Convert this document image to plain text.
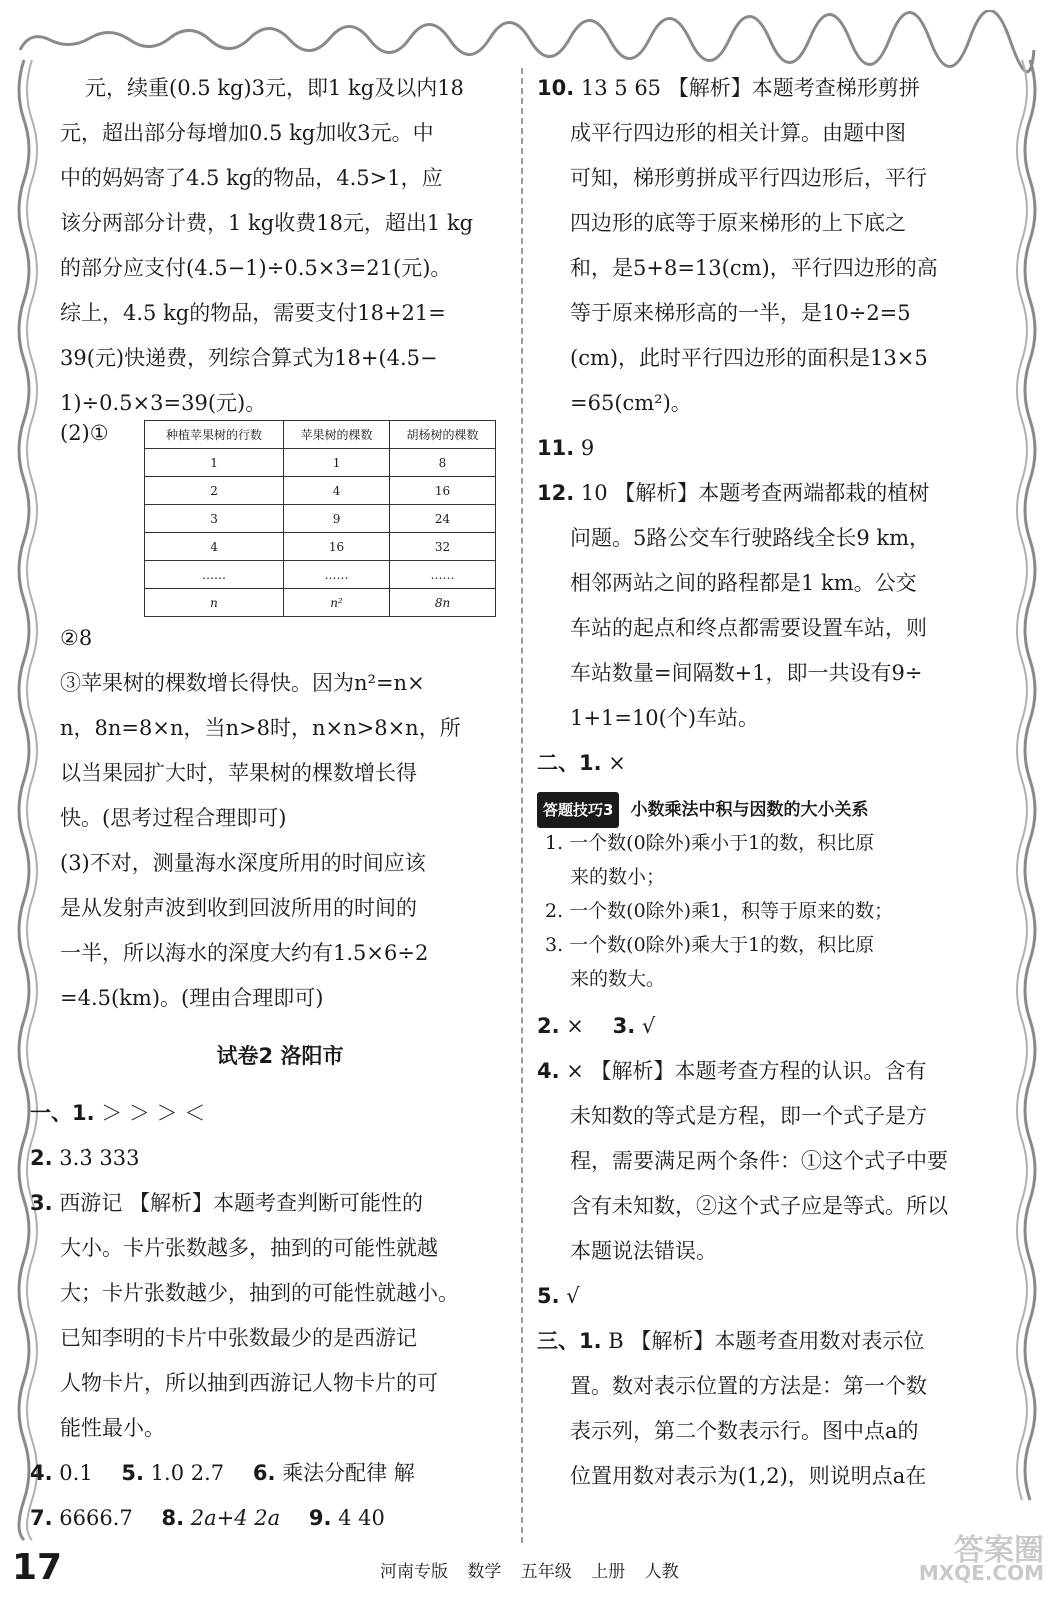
元，续重(0.5 kg)3元，即1 kg及以内18
元，超出部分每增加0.5 kg加收3元。中
中的妈妈寄了4.5 kg的物品，4.5>1，应
该分两部分计费，1 kg收费18元，超出1 kg
的部分应支付(4.5−1)÷0.5×3=21(元)。
综上，4.5 kg的物品，需要支付18+21=
39(元)快递费，列综合算式为18+(4.5−
1)÷0.5×3=39(元)。
(2)①	种植苹果树的行数	苹果树的棵数	胡杨树的棵数
1	1	8
2	4	16
3	9	24
4	16	32
……	……	……
n	n²	8n
②8
③苹果树的棵数增长得快。因为n²=n×
n，8n=8×n，当n>8时，n×n>8×n，所
以当果园扩大时，苹果树的棵数增长得
快。(思考过程合理即可)
(3)不对，测量海水深度所用的时间应该
是从发射声波到收到回波所用的时间的
一半，所以海水的深度大约有1.5×6÷2
=4.5(km)。(理由合理即可)
试卷2 洛阳市
一、1. ＞ ＞ ＞ ＜
2. 3.3̇ 333
3. 西游记 【解析】本题考查判断可能性的
大小。卡片张数越多，抽到的可能性就越
大；卡片张数越少，抽到的可能性就越小。
已知李明的卡片中张数最少的是西游记
人物卡片，所以抽到西游记人物卡片的可
能性最小。
4. 0.1 5. 1.0 2.7 6. 乘法分配律 解
7. 6666.7 8. 2a+4 2a 9. 4 40
10. 13 5 65 【解析】本题考查梯形剪拼
成平行四边形的相关计算。由题中图
可知，梯形剪拼成平行四边形后，平行
四边形的底等于原来梯形的上下底之
和，是5+8=13(cm)，平行四边形的高
等于原来梯形高的一半，是10÷2=5
(cm)，此时平行四边形的面积是13×5
=65(cm²)。
11. 9
12. 10 【解析】本题考查两端都栽的植树
问题。5路公交车行驶路线全长9 km，
相邻两站之间的路程都是1 km。公交
车站的起点和终点都需要设置车站，则
车站数量=间隔数+1，即一共设有9÷
1+1=10(个)车站。
二、1. ×
答题技巧3 小数乘法中积与因数的大小关系
1. 一个数(0除外)乘小于1的数，积比原
来的数小；
2. 一个数(0除外)乘1，积等于原来的数；
3. 一个数(0除外)乘大于1的数，积比原
来的数大。
2. × 3. √
4. × 【解析】本题考查方程的认识。含有
未知数的等式是方程，即一个式子是方
程，需要满足两个条件：①这个式子中要
含有未知数，②这个式子应是等式。所以
本题说法错误。
5. √
三、1. B 【解析】本题考查用数对表示位
置。数对表示位置的方法是：第一个数
表示列，第二个数表示行。图中点a的
位置用数对表示为(1,2)，则说明点a在
17	河南专版 数学 五年级 上册 人教
答案圈
MXQE.COM
